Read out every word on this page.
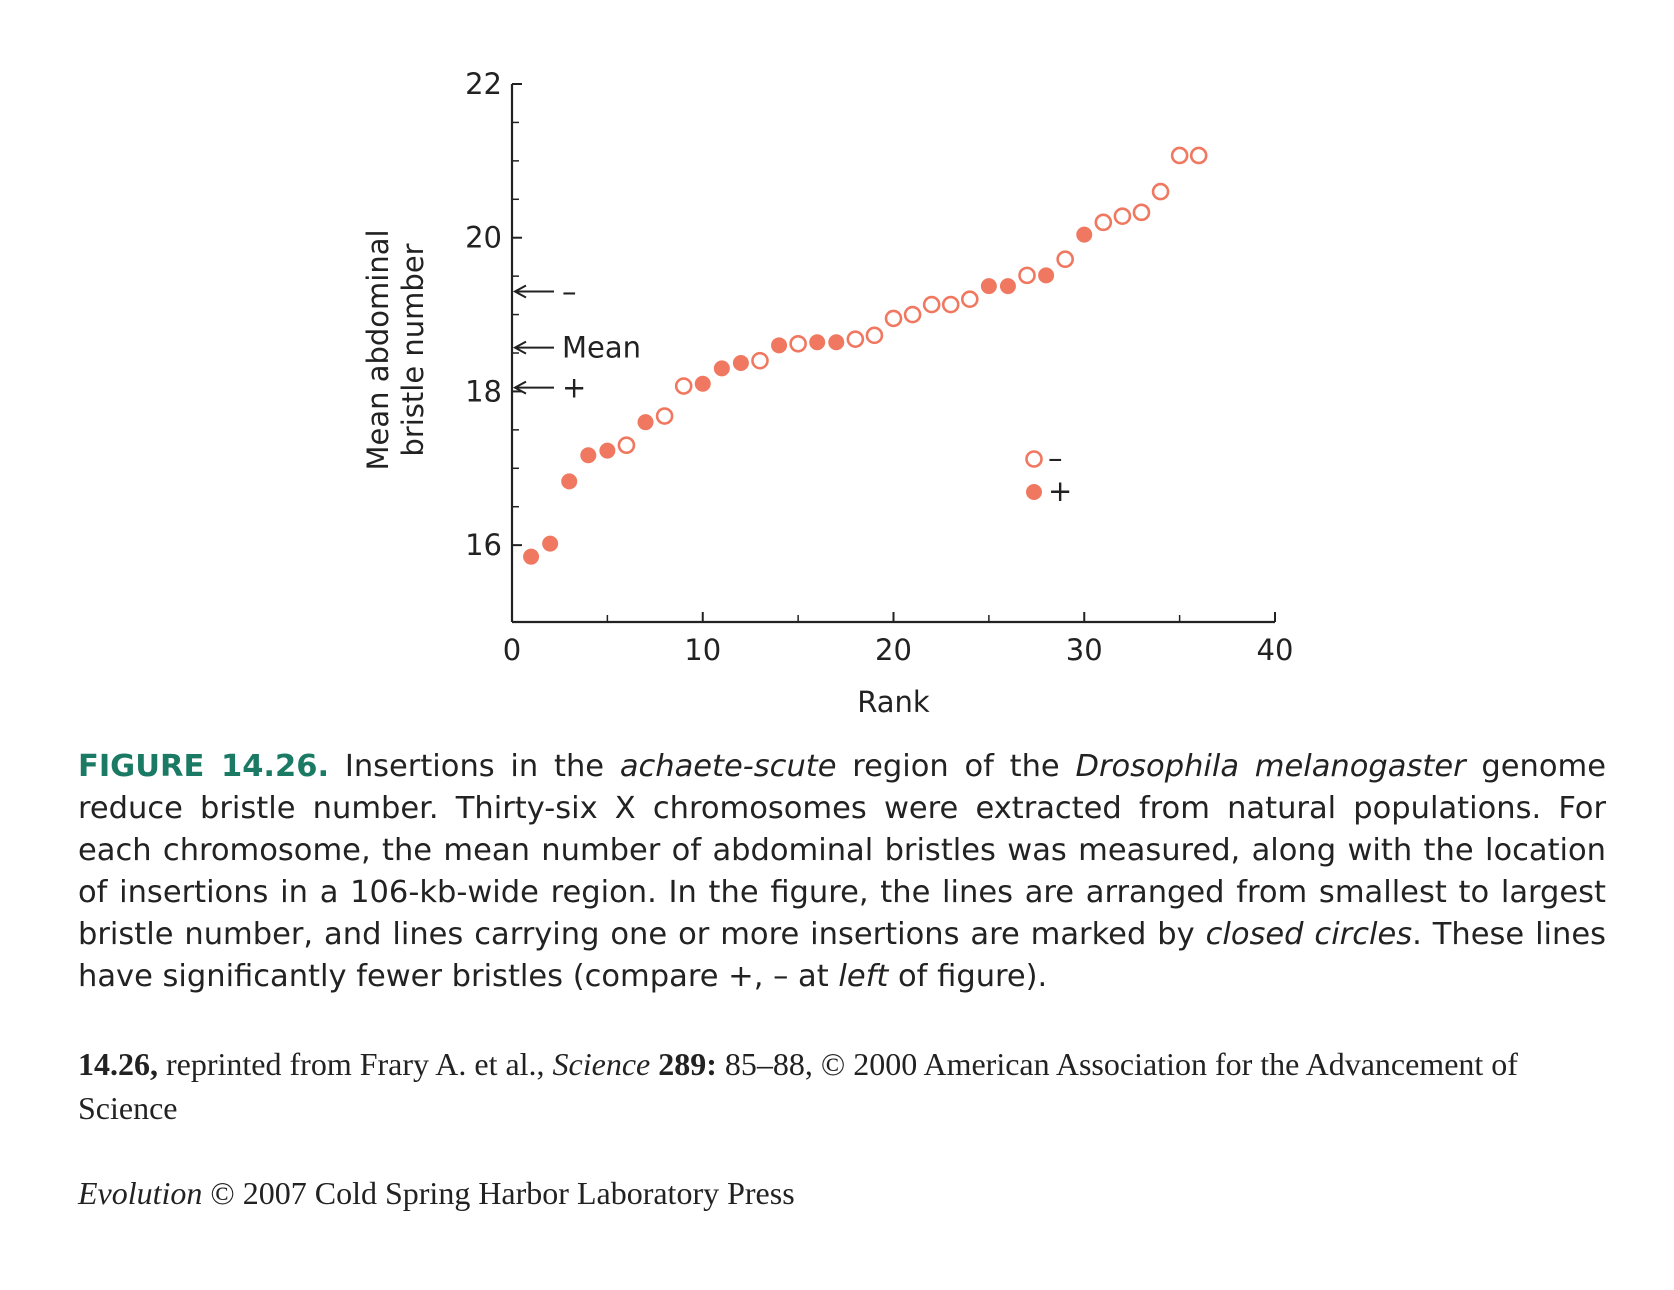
16
18
20
22
0	10	20	30	40
Rank
Mean abdominalbristle number	–
Mean
+
–
+
FIGURE 14.26. Insertions in the achaete-scute region of the Drosophila melanogaster genome reduce bristle number. Thirty-six X chromosomes were extracted from natural populations. For each chromosome, the mean number of abdominal bristles was measured, along with the location of insertions in a 106-kb-wide region. In the figure, the lines are arranged from smallest to largest bristle number, and lines carrying one or more insertions are marked by closed circles. These lines have significantly fewer bristles (compare +, – at left of figure).
14.26, reprinted from Frary A. et al., Science 289: 85–88, © 2000 American Association for the Advancement of Science
Evolution © 2007 Cold Spring Harbor Laboratory Press
